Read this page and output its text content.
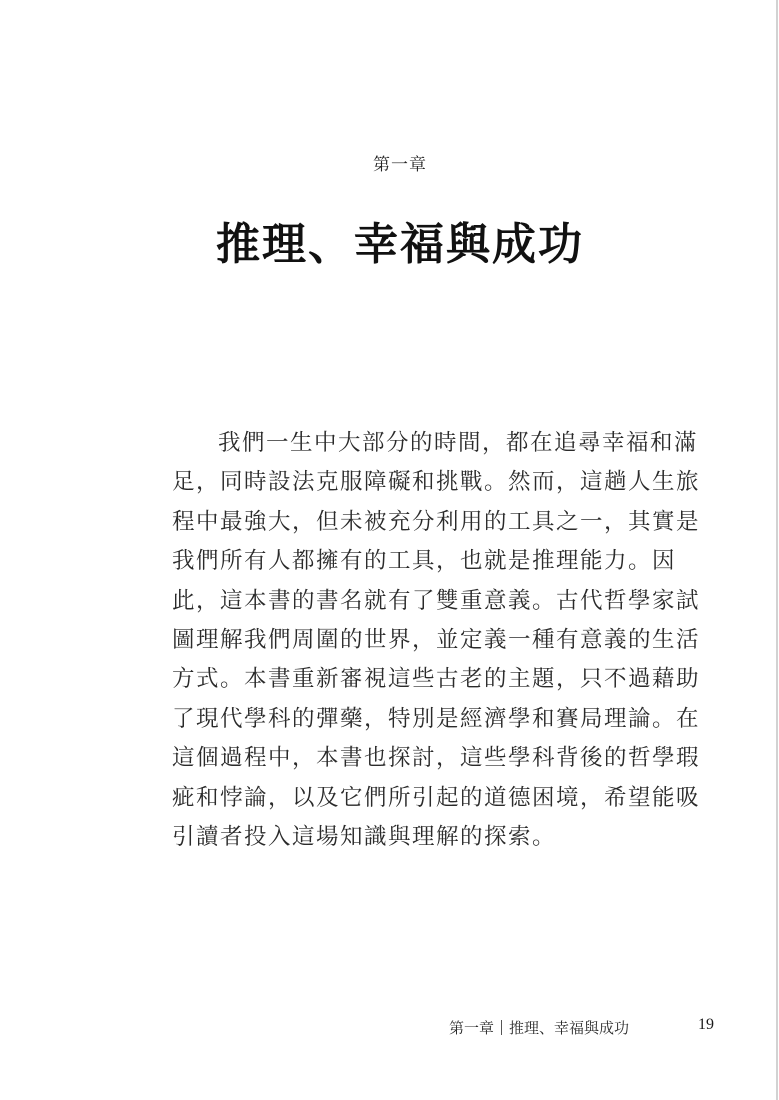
第一章
推理、幸福與成功
我們一生中大部分的時間，都在追尋幸福和滿
足，同時設法克服障礙和挑戰。然而，這趟人生旅
程中最強大，但未被充分利用的工具之一，其實是
我們所有人都擁有的工具，也就是推理能力。因
此，這本書的書名就有了雙重意義。古代哲學家試
圖理解我們周圍的世界，並定義一種有意義的生活
方式。本書重新審視這些古老的主題，只不過藉助
了現代學科的彈藥，特別是經濟學和賽局理論。在
這個過程中，本書也探討，這些學科背後的哲學瑕
疵和悖論，以及它們所引起的道德困境，希望能吸
引讀者投入這場知識與理解的探索。
第一章 推理、幸福與成功	19
